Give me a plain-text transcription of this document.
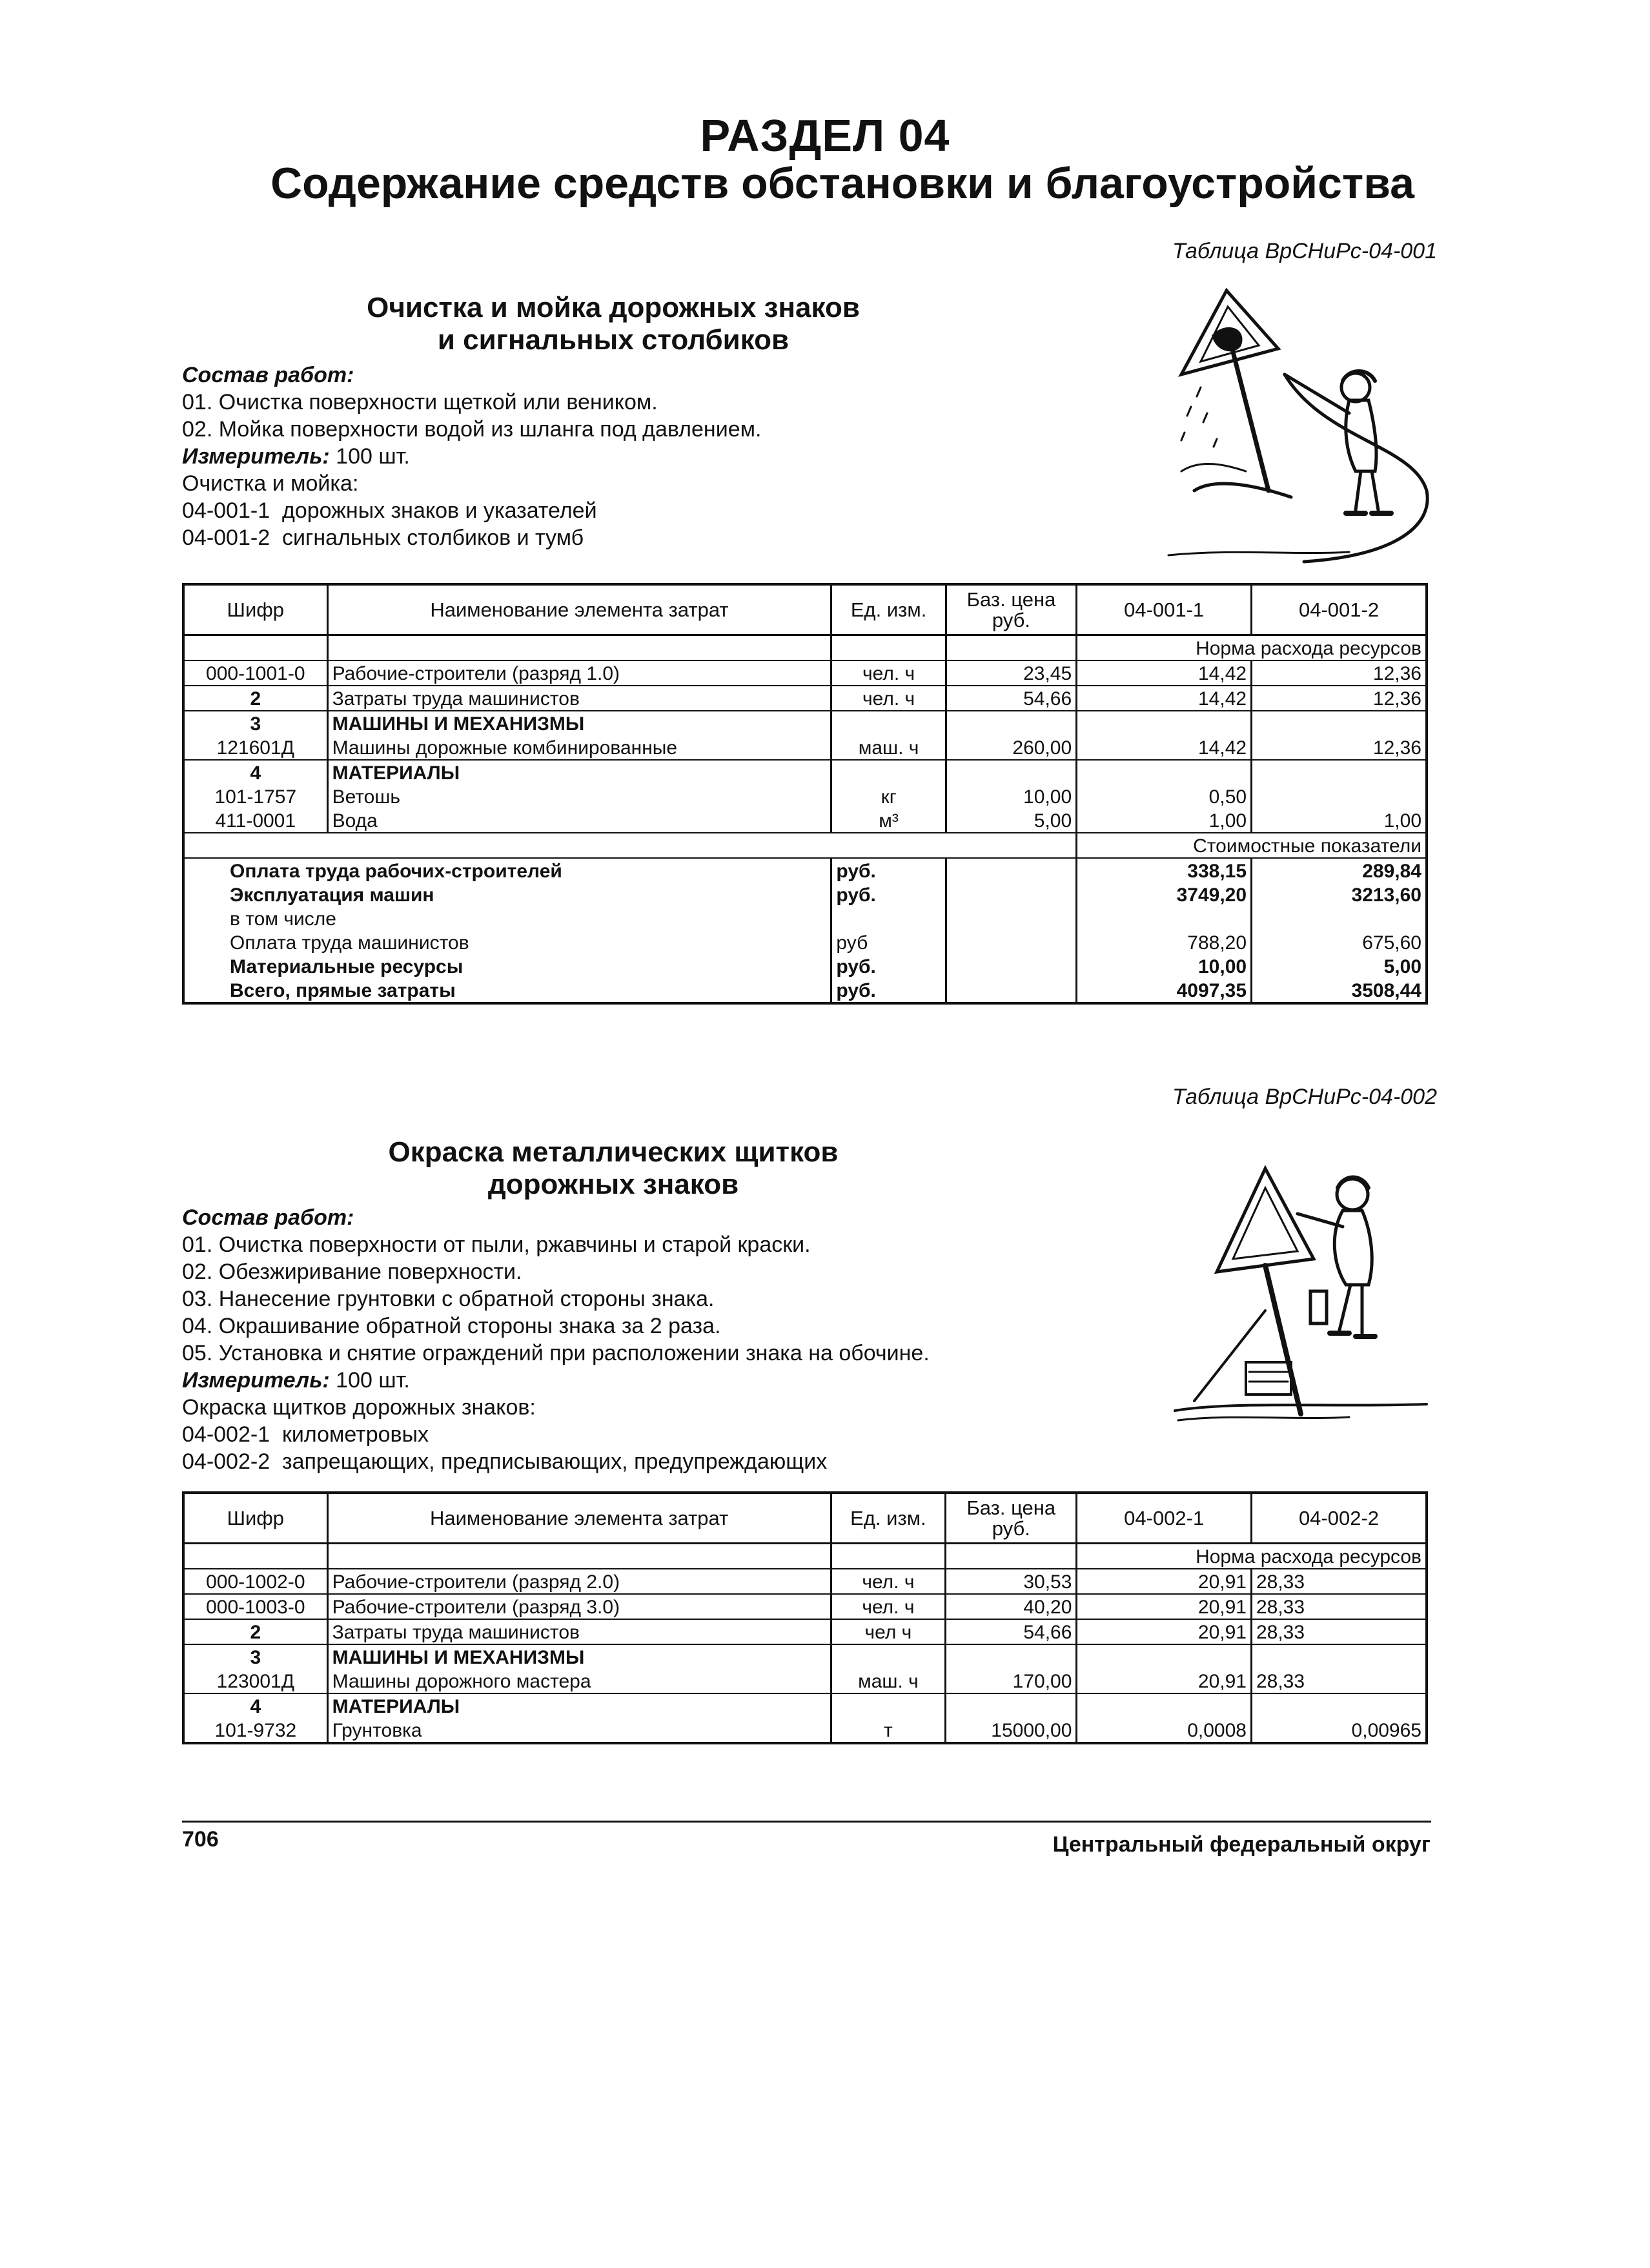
РАЗДЕЛ 04
Содержание средств обстановки и благоустройства
Таблица ВрСНиРс-04-001
Очистка и мойка дорожных знаков
и сигнальных столбиков
Состав работ:
01. Очистка поверхности щеткой или веником.
02. Мойка поверхности водой из шланга под давлением.
Измеритель: 100 шт.
Очистка и мойка:
04-001-1  дорожных знаков и указателей
04-001-2  сигнальных столбиков и тумб
Шифр	Наименование элемента затрат	Ед. изм.	Баз. цена руб.	04-001-1	04-001-2
				Норма расхода ресурсов	
000-1001-0	Рабочие-строители (разряд 1.0)	чел. ч	23,45	14,42	12,36
2	Затраты труда машинистов	чел. ч	54,66	14,42	12,36
3	МАШИНЫ И МЕХАНИЗМЫ				
121601Д	Машины дорожные комбинированные	маш. ч	260,00	14,42	12,36
4	МАТЕРИАЛЫ				
101-1757	Ветошь	кг	10,00	0,50	
411-0001	Вода	м³	5,00	1,00	1,00
				Стоимостные показатели	
Оплата труда рабочих-строителей		руб.		338,15	289,84
Эксплуатация машин		руб.		3749,20	3213,60
в том числе					
Оплата труда машинистов		руб		788,20	675,60
Материальные ресурсы		руб.		10,00	5,00
Всего, прямые затраты		руб.		4097,35	3508,44
Таблица ВрСНиРс-04-002
Окраска металлических щитков
дорожных знаков
Состав работ:
01. Очистка поверхности от пыли, ржавчины и старой краски.
02. Обезжиривание поверхности.
03. Нанесение грунтовки с обратной стороны знака.
04. Окрашивание обратной стороны знака за 2 раза.
05. Установка и снятие ограждений при расположении знака на обочине.
Измеритель: 100 шт.
Окраска щитков дорожных знаков:
04-002-1  километровых
04-002-2  запрещающих, предписывающих, предупреждающих
Шифр	Наименование элемента затрат	Ед. изм.	Баз. цена руб.	04-002-1	04-002-2
				Норма расхода ресурсов	
000-1002-0	Рабочие-строители (разряд 2.0)	чел. ч	30,53	20,91	28,33
000-1003-0	Рабочие-строители (разряд 3.0)	чел. ч	40,20	20,91	28,33
2	Затраты труда машинистов	чел ч	54,66	20,91	28,33
3	МАШИНЫ И МЕХАНИЗМЫ				
123001Д	Машины дорожного мастера	маш. ч	170,00	20,91	28,33
4	МАТЕРИАЛЫ				
101-9732	Грунтовка	т	15000,00	0,0008	0,00965
706	Центральный федеральный округ
